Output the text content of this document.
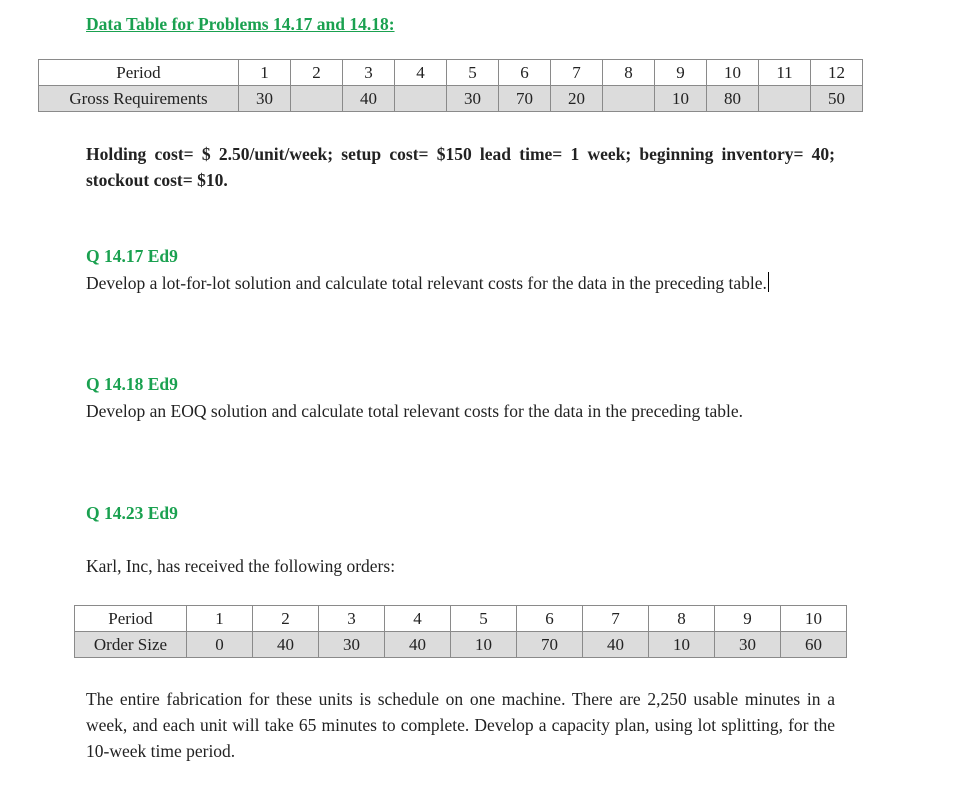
Data Table for Problems 14.17 and 14.18:
Period	1	2	3	4	5	6	7	8	9	10	11	12
Gross Requirements	30		40		30	70	20		10	80		50

Holding cost= $ 2.50/unit/week; setup cost= $150 lead time= 1 week; beginning inventory= 40; stockout cost= $10.

Q 14.17 Ed9

Develop a lot-for-lot solution and calculate total relevant costs for the data in the preceding table.

Q 14.18 Ed9

Develop an EOQ solution and calculate total relevant costs for the data in the preceding table.

Q 14.23 Ed9

Karl, Inc, has received the following orders:

Period	1	2	3	4	5	6	7	8	9	10
Order Size	0	40	30	40	10	70	40	10	30	60

The entire fabrication for these units is schedule on one machine. There are 2,250 usable minutes in a week, and each unit will take 65 minutes to complete. Develop a capacity plan, using lot splitting, for the 10-week time period.
